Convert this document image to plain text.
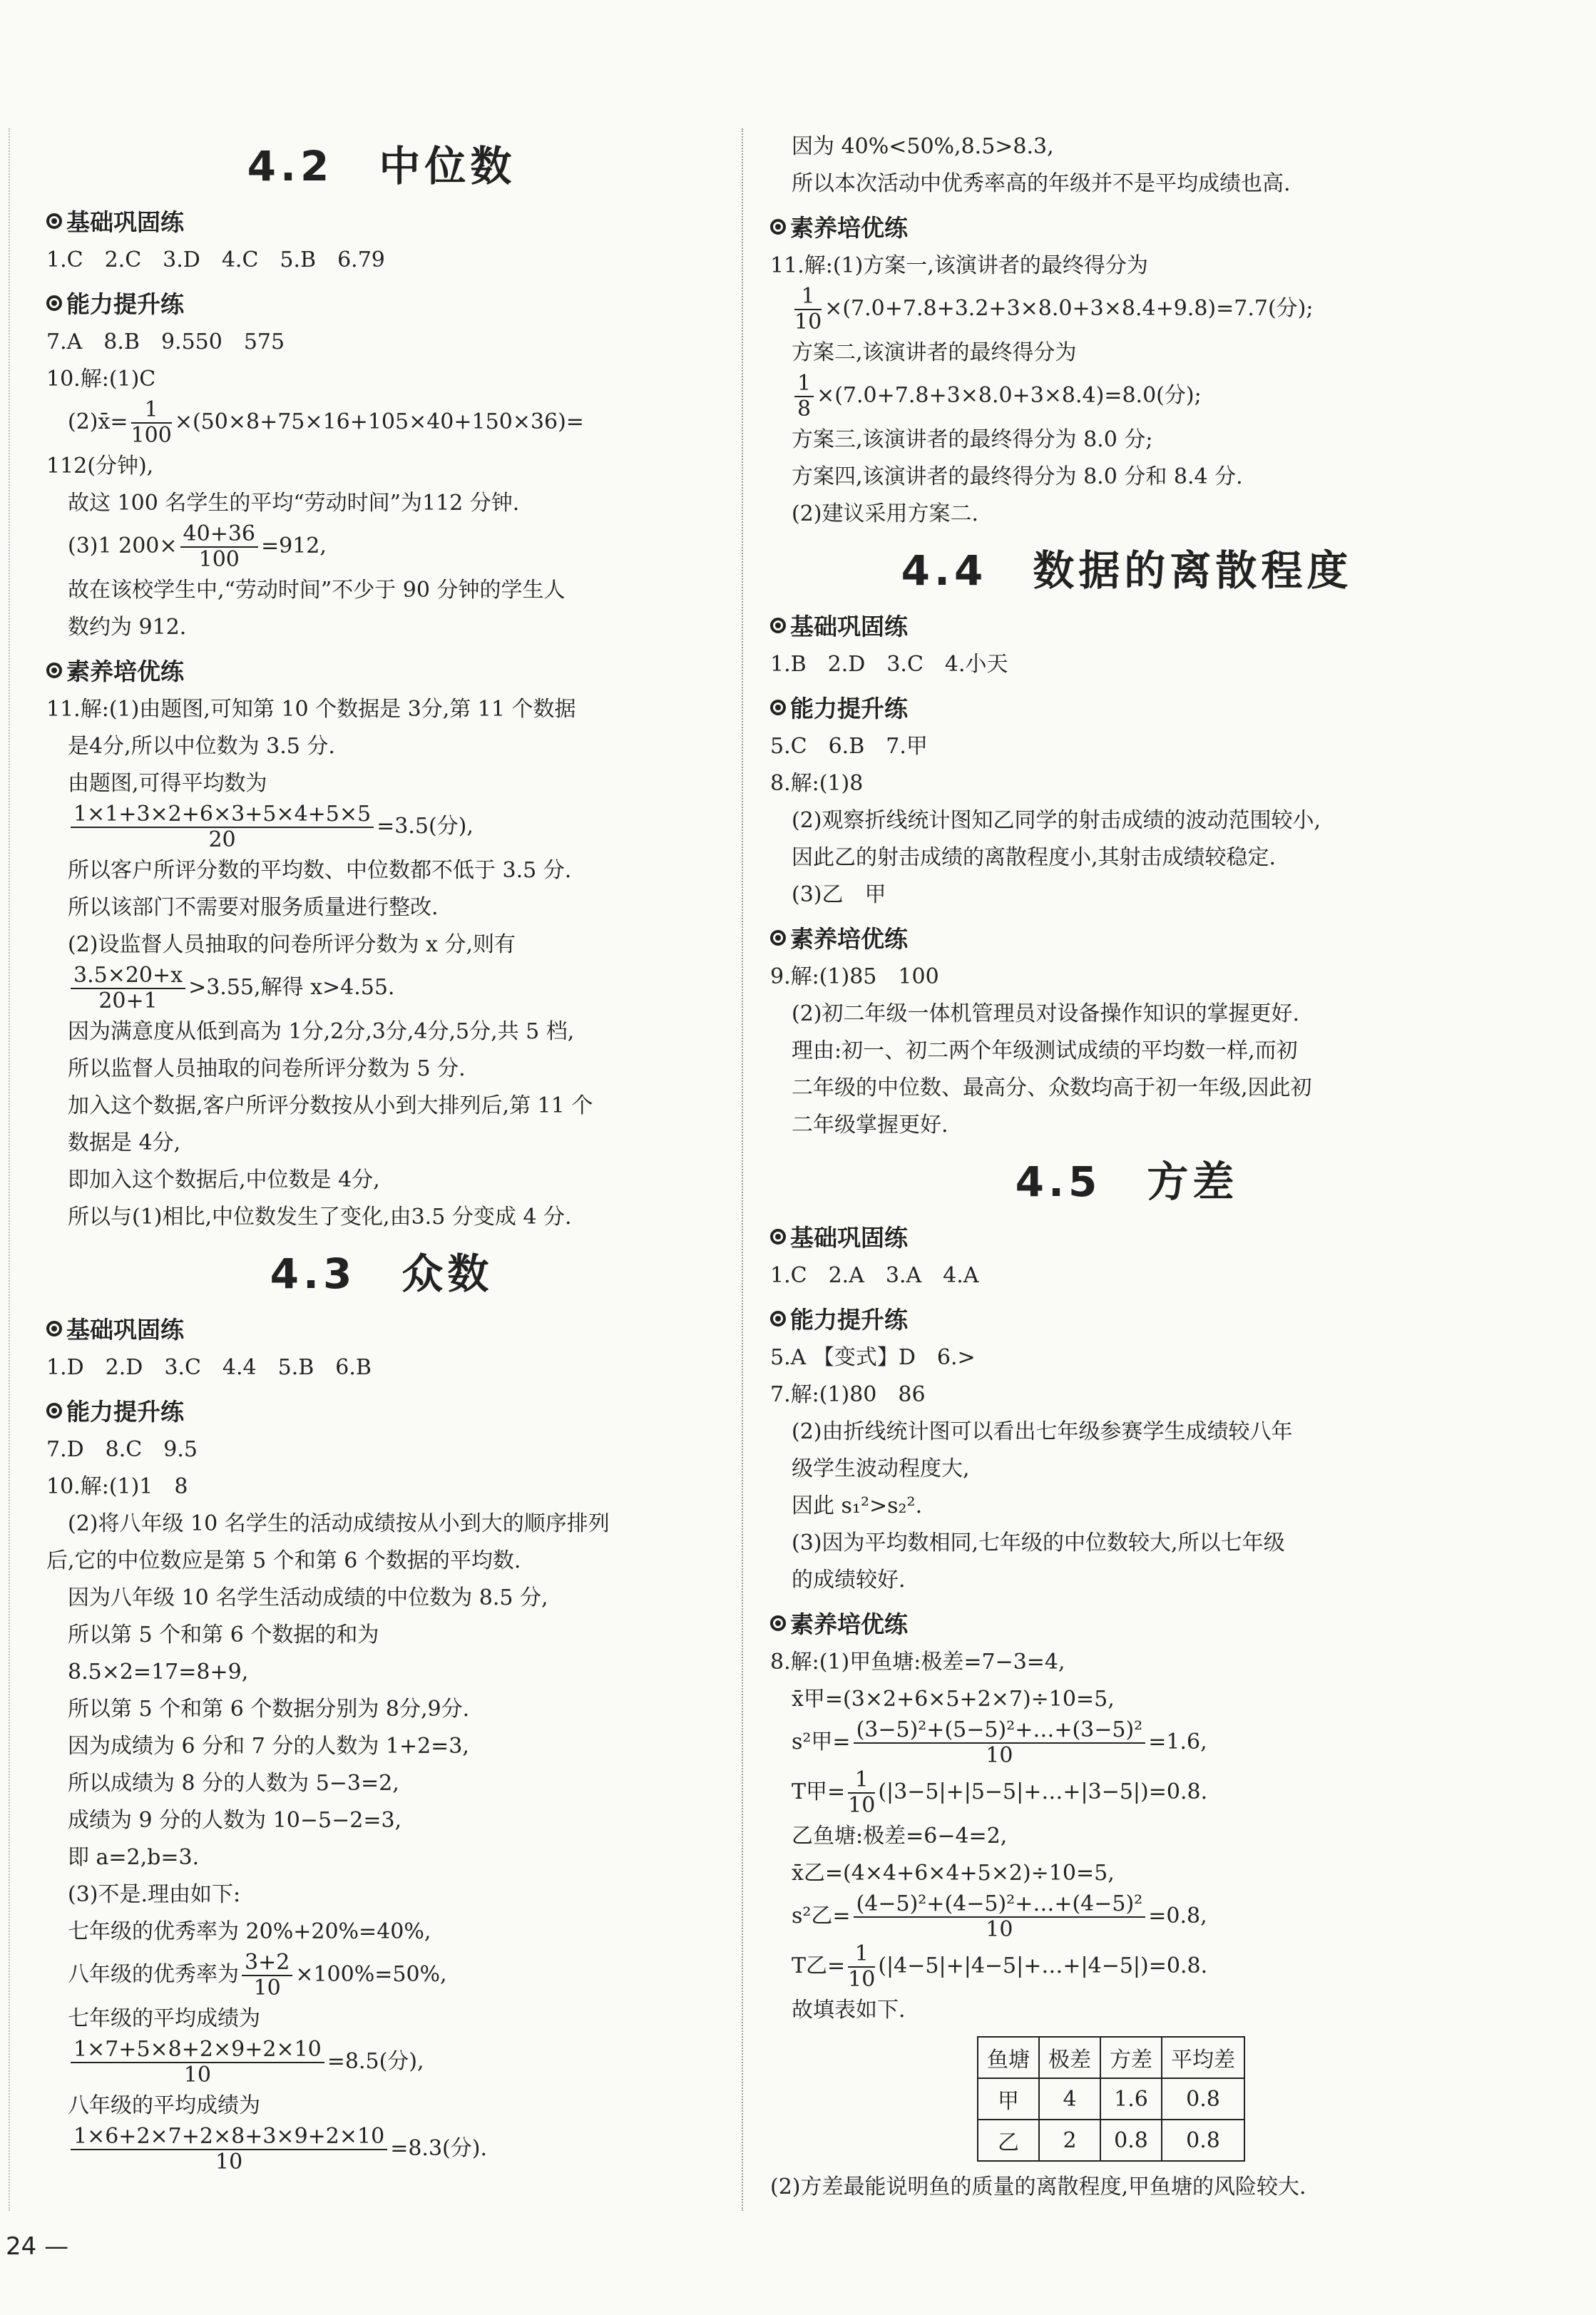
4.2　中位数
基础巩固练

1.C　2.C　3.D　4.C　5.B　6.79

能力提升练

7.A　8.B　9.550　575

10.解:(1)C

(2)x̄= $\frac{1}{100} \times(50\times 8+75\times 16+105\times 40+150\times 36)=$

112(分钟),

故这 100 名学生的平均“劳动时间”为112 分钟.

(3)1 $200\times \frac{40+36}{100} =912$,

故在该校学生中,“劳动时间”不少于 90 分钟的学生人

数约为 912.

素养培优练

11.解:(1)由题图,可知第 10 个数据是 3分,第 11 个数据

是4分,所以中位数为 3.5 分.

由题图,可得平均数为

$\frac{1\times 1+3\times 2+6\times 3+5\times 4+5\times 5}{20} =3.5$(分),

所以客户所评分数的平均数、中位数都不低于 3.5 分.

所以该部门不需要对服务质量进行整改.

(2)设监督人员抽取的问卷所评分数为 x 分,则有

$\frac{3.5\times 20+x}{20+1} >3.55$,解得 x>4.55.

因为满意度从低到高为 1分,2分,3分,4分,5分,共 5 档,

所以监督人员抽取的问卷所评分数为 5 分.

加入这个数据,客户所评分数按从小到大排列后,第 11 个

数据是 4分,

即加入这个数据后,中位数是 4分,

所以与(1)相比,中位数发生了变化,由3.5 分变成 4 分.

4.3　众数
基础巩固练

1.D　2.D　3.C　4.4　5.B　6.B

能力提升练

7.D　8.C　9.5

10.解:(1)1　8

(2)将八年级 10 名学生的活动成绩按从小到大的顺序排列

后,它的中位数应是第 5 个和第 6 个数据的平均数.

因为八年级 10 名学生活动成绩的中位数为 8.5 分,

所以第 5 个和第 6 个数据的和为

8.5×2=17=8+9,

所以第 5 个和第 6 个数据分别为 8分,9分.

因为成绩为 6 分和 7 分的人数为 1+2=3,

所以成绩为 8 分的人数为 5−3=2,

成绩为 9 分的人数为 10−5−2=3,

即 a=2,b=3.

(3)不是.理由如下:

七年级的优秀率为 20%+20%=40%,

八年级的优秀率为 $\frac{3+2}{10} \times 100\%=50\%$,

七年级的平均成绩为

$\frac{1\times 7+5\times 8+2\times 9+2\times 10}{10} =8.5$(分),

八年级的平均成绩为

$\frac{1\times 6+2\times 7+2\times 8+3\times 9+2\times 10}{10} =8.3$(分).

因为 40%<50%,8.5>8.3,

所以本次活动中优秀率高的年级并不是平均成绩也高.

素养培优练

11.解:(1)方案一,该演讲者的最终得分为

$\frac{1}{10} \times(7.0+7.8+3.2+3\times 8.0+3\times 8.4+9.8)=7.7$(分);

方案二,该演讲者的最终得分为

$\frac{1}{8} \times(7.0+7.8+3\times 8.0+3\times 8.4)=8.0$(分);

方案三,该演讲者的最终得分为 8.0 分;

方案四,该演讲者的最终得分为 8.0 分和 8.4 分.

(2)建议采用方案二.

4.4　数据的离散程度
基础巩固练

1.B　2.D　3.C　4.小天

能力提升练

5.C　6.B　7.甲

8.解:(1)8

(2)观察折线统计图知乙同学的射击成绩的波动范围较小,

因此乙的射击成绩的离散程度小,其射击成绩较稳定.

(3)乙　甲

素养培优练

9.解:(1)85　100

(2)初二年级一体机管理员对设备操作知识的掌握更好.

理由:初一、初二两个年级测试成绩的平均数一样,而初

二年级的中位数、最高分、众数均高于初一年级,因此初

二年级掌握更好.

4.5　方差
基础巩固练

1.C　2.A　3.A　4.A

能力提升练

5.A 【变式】D　6.>

7.解:(1)80　86

(2)由折线统计图可以看出七年级参赛学生成绩较八年

级学生波动程度大,

因此 s₁²>s₂².

(3)因为平均数相同,七年级的中位数较大,所以七年级

的成绩较好.

素养培优练

8.解:(1)甲鱼塘:极差=7−3=4,

x̄甲=(3×2+6×5+2×7)÷10=5,

s²甲= $\frac{\text{(3−5)²+(5−5)²+…+(3−5)²}}{10} =1.6$,

T甲= $\frac{1}{10}$ (|3−5|+|5−5|+…+|3−5|)=0.8.

乙鱼塘:极差=6−4=2,

x̄乙=(4×4+6×4+5×2)÷10=5,

s²乙= $\frac{\text{(4−5)²+(4−5)²+…+(4−5)²}}{10} =0.8$,

T乙= $\frac{1}{10}$ (|4−5|+|4−5|+…+|4−5|)=0.8.

故填表如下.

鱼塘	极差	方差	平均差
甲	4	1.6	0.8
乙	2	0.8	0.8

(2)方差最能说明鱼的质量的离散程度,甲鱼塘的风险较大.

24 —
